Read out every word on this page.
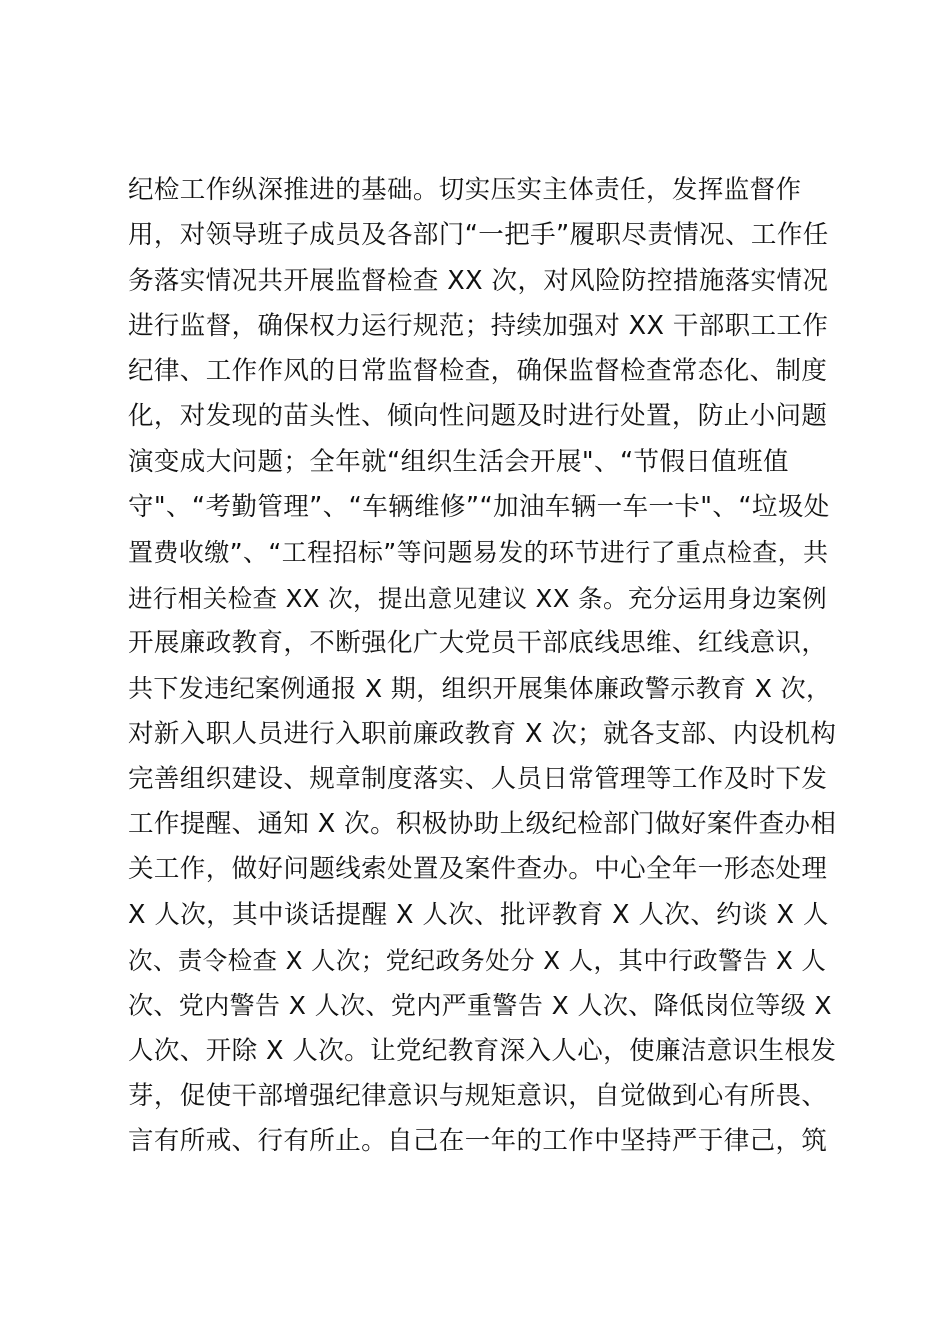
纪检工作纵深推进的基础。切实压实主体责任，发挥监督作
用，对领导班子成员及各部门“一把手”履职尽责情况、工作任
务落实情况共开展监督检查 XX 次，对风险防控措施落实情况
进行监督，确保权力运行规范；持续加强对 XX 干部职工工作
纪律、工作作风的日常监督检查，确保监督检查常态化、制度
化，对发现的苗头性、倾向性问题及时进行处置，防止小问题
演变成大问题；全年就“组织生活会开展"、“节假日值班值
守"、“考勤管理”、“车辆维修”“加油车辆一车一卡"、“垃圾处
置费收缴”、“工程招标”等问题易发的环节进行了重点检查，共
进行相关检查 XX 次，提出意见建议 XX 条。充分运用身边案例
开展廉政教育，不断强化广大党员干部底线思维、红线意识，
共下发违纪案例通报 X 期，组织开展集体廉政警示教育 X 次，
对新入职人员进行入职前廉政教育 X 次；就各支部、内设机构
完善组织建设、规章制度落实、人员日常管理等工作及时下发
工作提醒、通知 X 次。积极协助上级纪检部门做好案件查办相
关工作，做好问题线索处置及案件查办。中心全年一形态处理
X 人次，其中谈话提醒 X 人次、批评教育 X 人次、约谈 X 人
次、责令检查 X 人次；党纪政务处分 X 人，其中行政警告 X 人
次、党内警告 X 人次、党内严重警告 X 人次、降低岗位等级 X
人次、开除 X 人次。让党纪教育深入人心，使廉洁意识生根发
芽，促使干部增强纪律意识与规矩意识，自觉做到心有所畏、
言有所戒、行有所止。自己在一年的工作中坚持严于律己，筑
